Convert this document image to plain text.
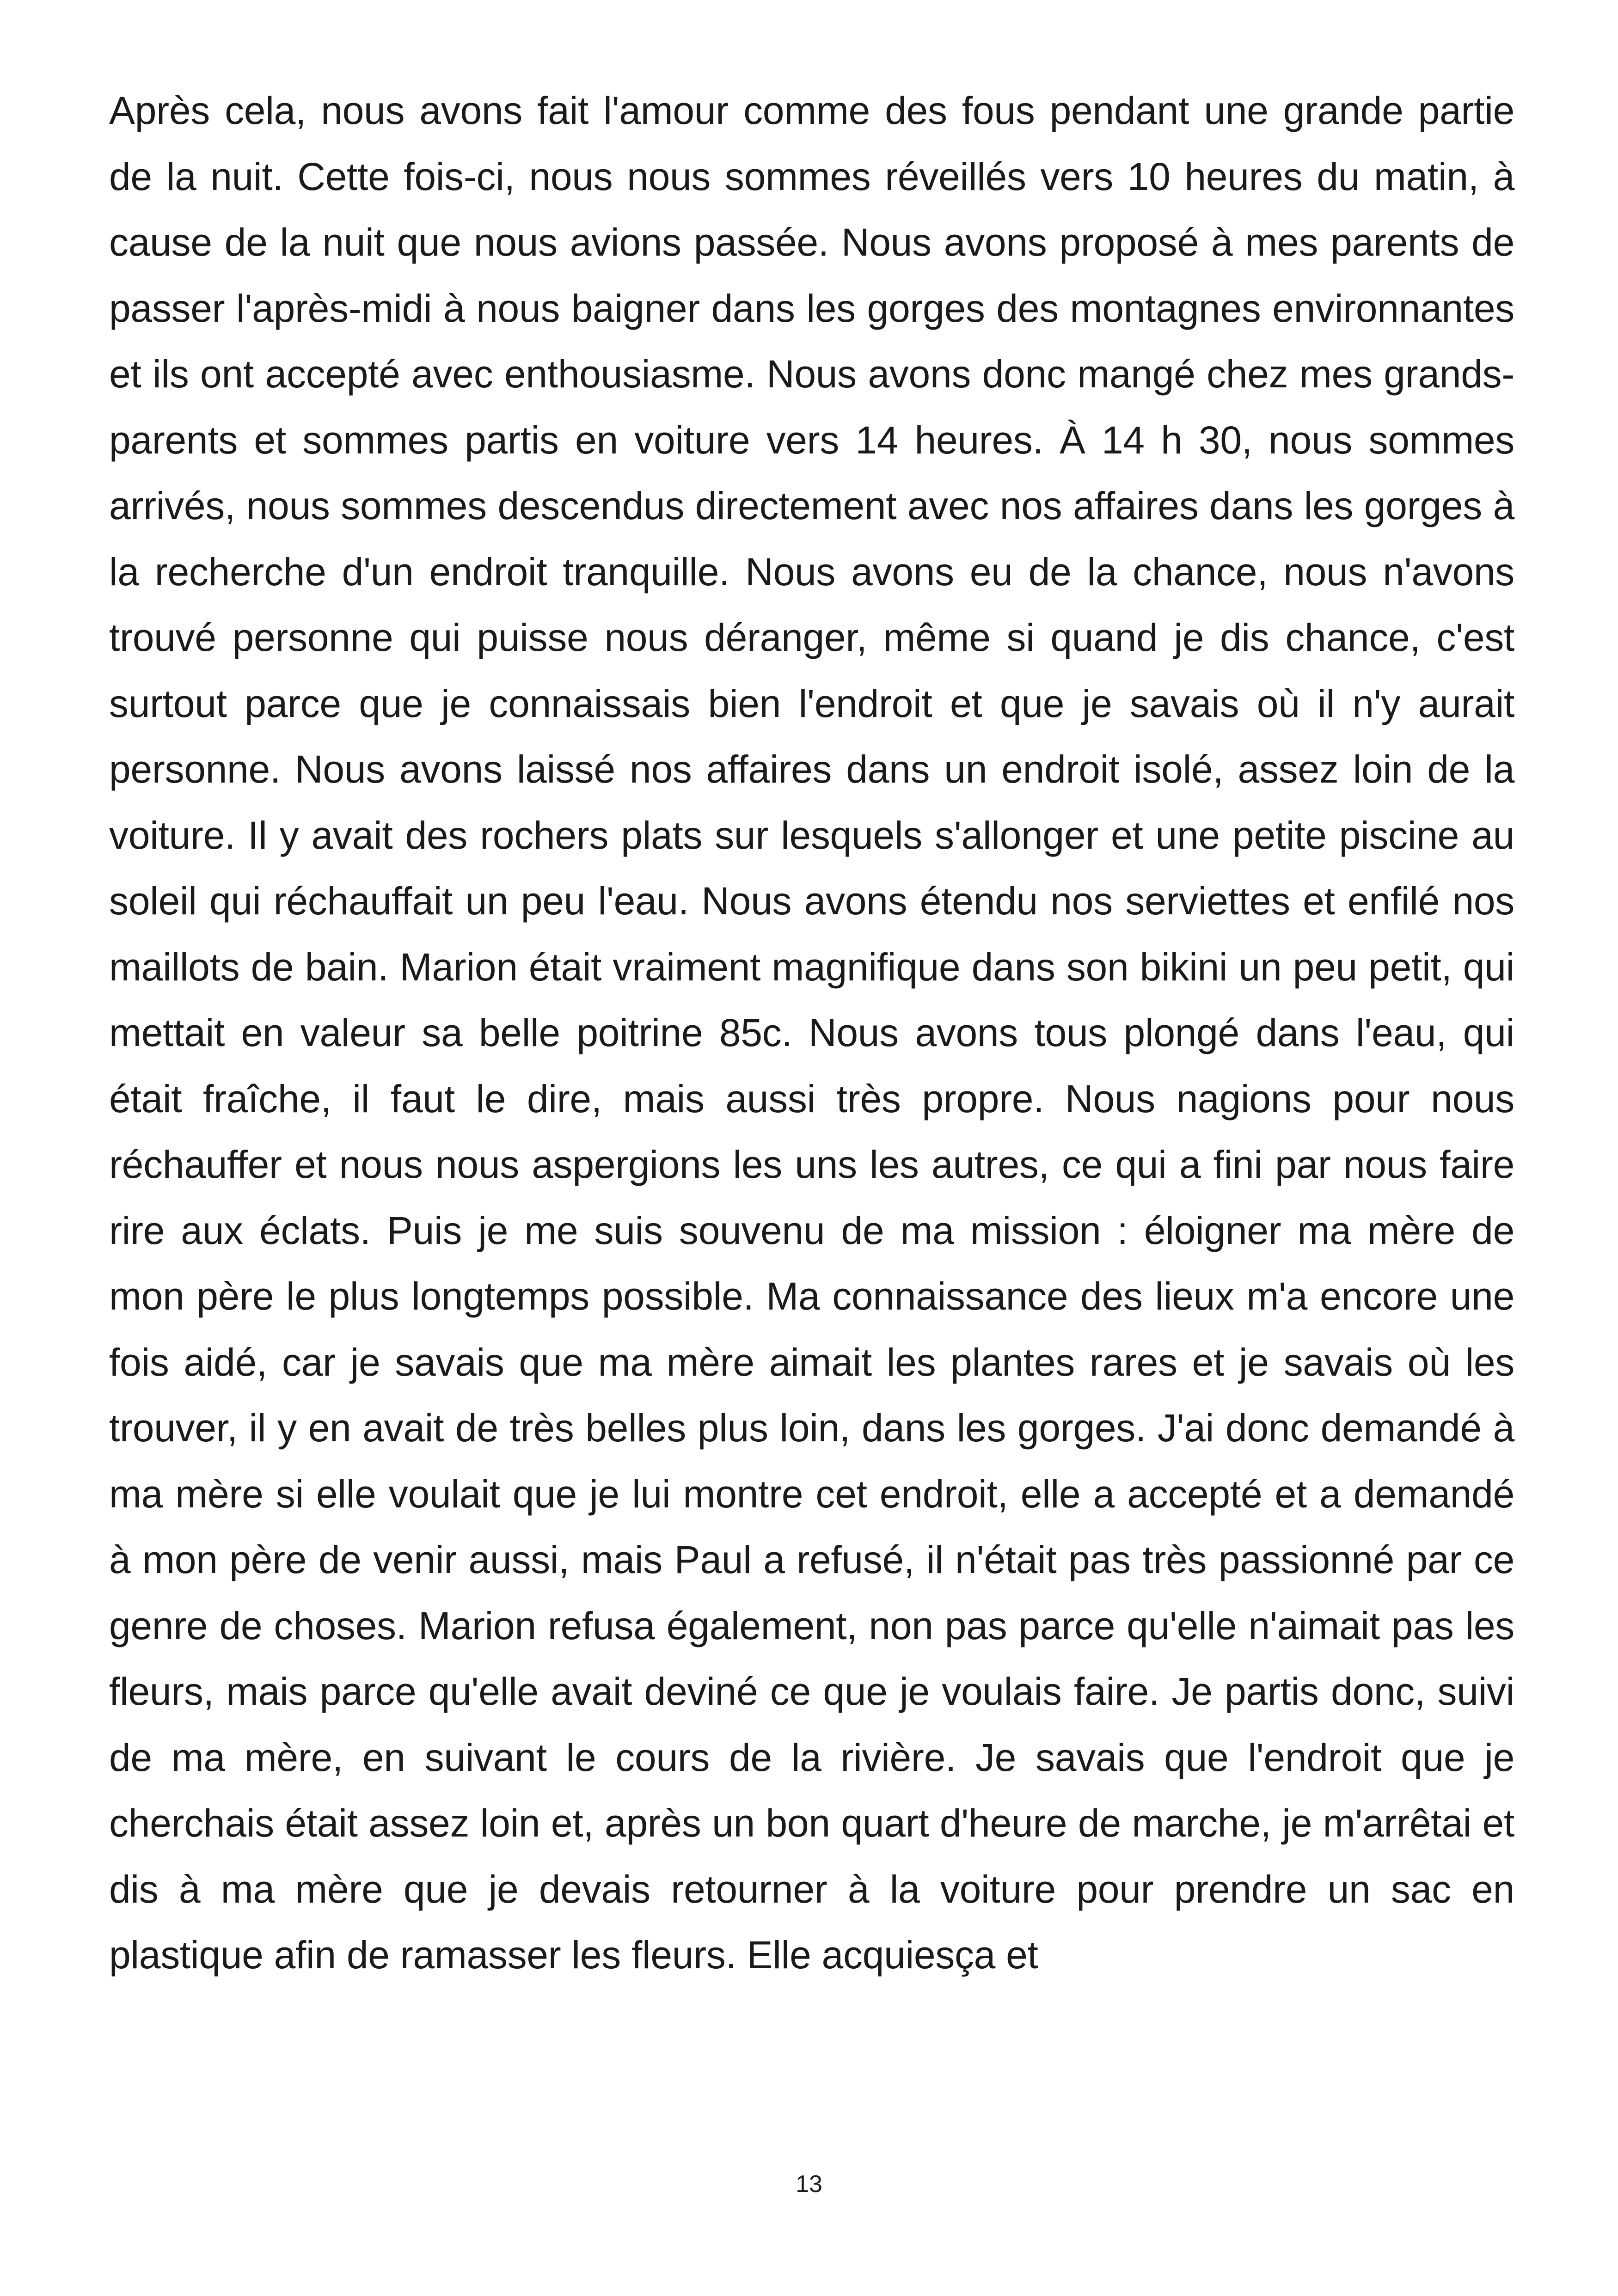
Après cela, nous avons fait l'amour comme des fous pendant une grande partie de la nuit. Cette fois-ci, nous nous sommes réveillés vers 10 heures du matin, à cause de la nuit que nous avions passée. Nous avons proposé à mes parents de passer l'après-midi à nous baigner dans les gorges des montagnes environnantes et ils ont accepté avec enthousiasme. Nous avons donc mangé chez mes grands-parents et sommes partis en voiture vers 14 heures. À 14 h 30, nous sommes arrivés, nous sommes descendus directement avec nos affaires dans les gorges à la recherche d'un endroit tranquille. Nous avons eu de la chance, nous n'avons trouvé personne qui puisse nous déranger, même si quand je dis chance, c'est surtout parce que je connaissais bien l'endroit et que je savais où il n'y aurait personne. Nous avons laissé nos affaires dans un endroit isolé, assez loin de la voiture. Il y avait des rochers plats sur lesquels s'allonger et une petite piscine au soleil qui réchauffait un peu l'eau. Nous avons étendu nos serviettes et enfilé nos maillots de bain. Marion était vraiment magnifique dans son bikini un peu petit, qui mettait en valeur sa belle poitrine 85c. Nous avons tous plongé dans l'eau, qui était fraîche, il faut le dire, mais aussi très propre. Nous nagions pour nous réchauffer et nous nous aspergions les uns les autres, ce qui a fini par nous faire rire aux éclats. Puis je me suis souvenu de ma mission : éloigner ma mère de mon père le plus longtemps possible. Ma connaissance des lieux m'a encore une fois aidé, car je savais que ma mère aimait les plantes rares et je savais où les trouver, il y en avait de très belles plus loin, dans les gorges. J'ai donc demandé à ma mère si elle voulait que je lui montre cet endroit, elle a accepté et a demandé à mon père de venir aussi, mais Paul a refusé, il n'était pas très passionné par ce genre de choses. Marion refusa également, non pas parce qu'elle n'aimait pas les fleurs, mais parce qu'elle avait deviné ce que je voulais faire. Je partis donc, suivi de ma mère, en suivant le cours de la rivière. Je savais que l'endroit que je cherchais était assez loin et, après un bon quart d'heure de marche, je m'arrêtai et dis à ma mère que je devais retourner à la voiture pour prendre un sac en plastique afin de ramasser les fleurs. Elle acquiesça et

13
